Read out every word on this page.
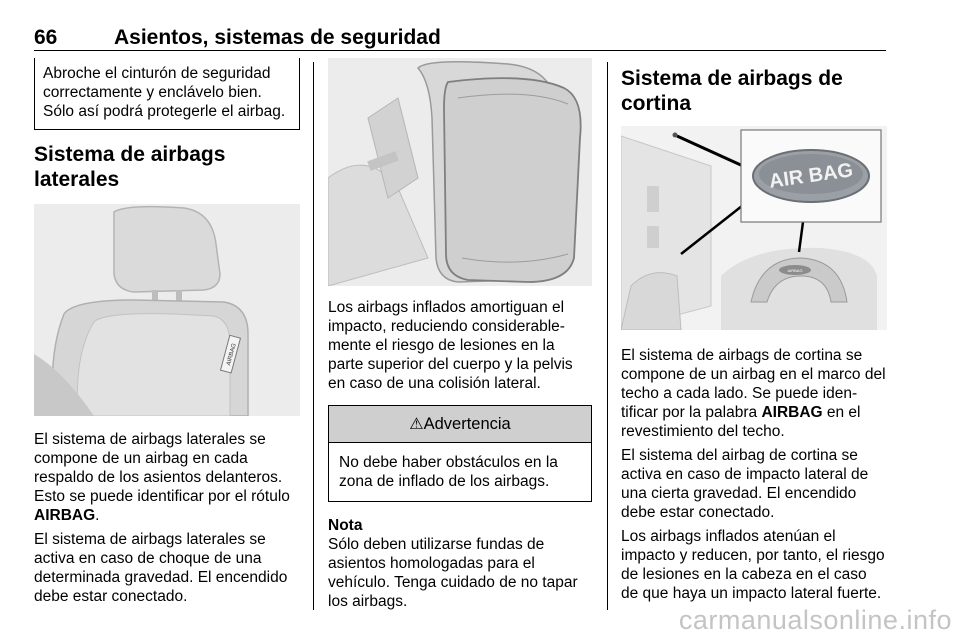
66	Asientos, sistemas de seguridad

Abroche el cinturón de seguridad correctamente y enclávelo bien. Sólo así podrá protegerle el airbag.

Sistema de airbags laterales
AIRBAG

El sistema de airbags laterales se compone de un airbag en cada respaldo de los asientos delanteros. Esto se puede identificar por el rótulo AIRBAG.

El sistema de airbags laterales se activa en caso de choque de una determinada gravedad. El encendido debe estar conectado.

Los airbags inflados amortiguan el impacto, reduciendo considerable-mente el riesgo de lesiones en la parte superior del cuerpo y la pelvis en caso de una colisión lateral.

⚠Advertencia

No debe haber obstáculos en la zona de inflado de los airbags.

Nota

Sólo deben utilizarse fundas de asientos homologadas para el vehículo. Tenga cuidado de no tapar los airbags.

Sistema de airbags de cortina
AIRBAG
AIR BAG

El sistema de airbags de cortina se compone de un airbag en el marco del techo a cada lado. Se puede iden-tificar por la palabra AIRBAG en el revestimiento del techo.

El sistema del airbag de cortina se activa en caso de impacto lateral de una cierta gravedad. El encendido debe estar conectado.

Los airbags inflados atenúan el impacto y reducen, por tanto, el riesgo de lesiones en la cabeza en el caso de que haya un impacto lateral fuerte.

carmanualsonline.info
